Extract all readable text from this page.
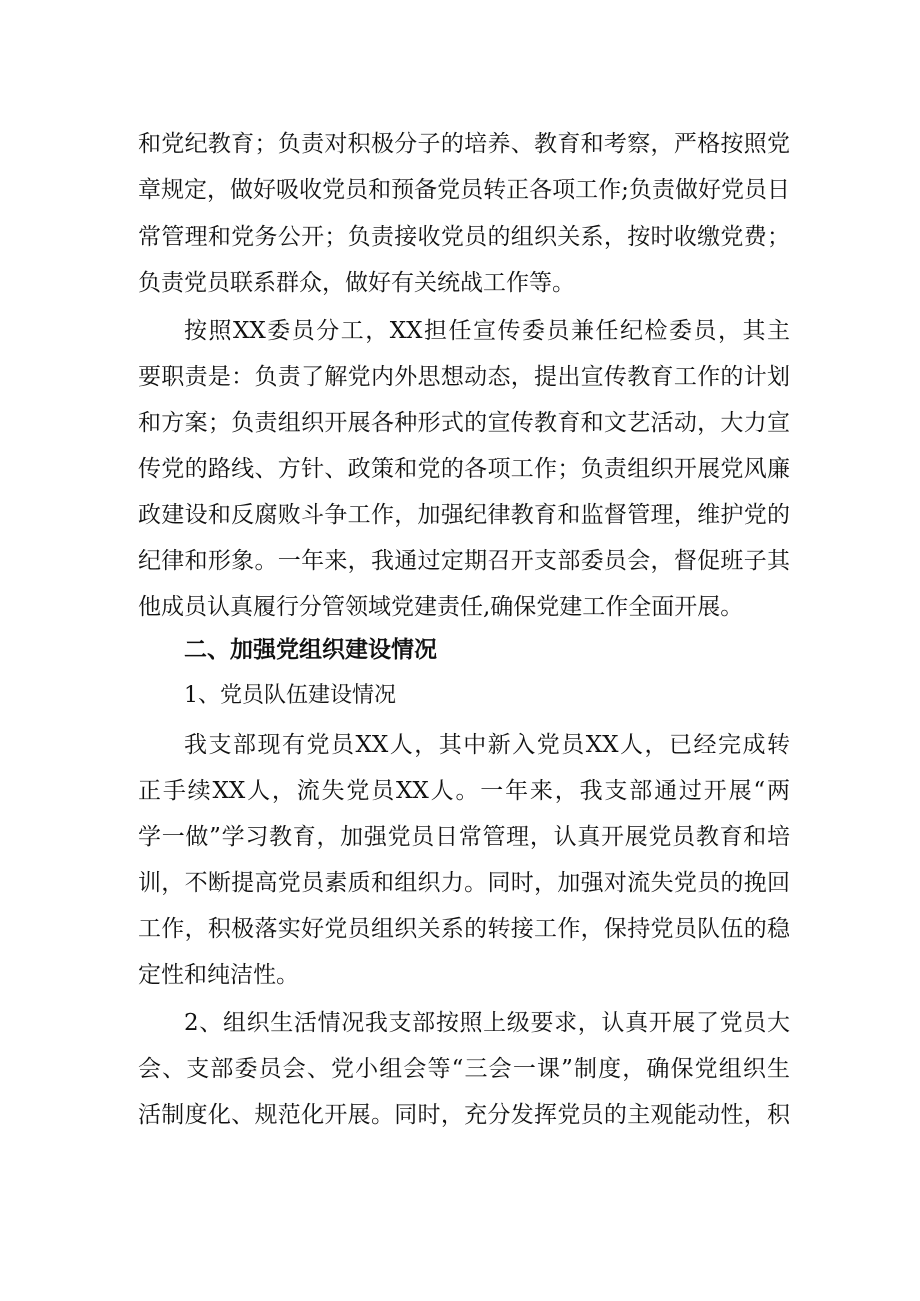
和党纪教育；负责对积极分子的培养、教育和考察，严格按照党
章规定，做好吸收党员和预备党员转正各项工作;负责做好党员日
常管理和党务公开；负责接收党员的组织关系，按时收缴党费；
负责党员联系群众，做好有关统战工作等。
按照XX委员分工，XX担任宣传委员兼任纪检委员，其主
要职责是：负责了解党内外思想动态，提出宣传教育工作的计划
和方案；负责组织开展各种形式的宣传教育和文艺活动，大力宣
传党的路线、方针、政策和党的各项工作；负责组织开展党风廉
政建设和反腐败斗争工作，加强纪律教育和监督管理，维护党的
纪律和形象。一年来，我通过定期召开支部委员会，督促班子其
他成员认真履行分管领域党建责任,确保党建工作全面开展。
二、加强党组织建设情况
1、党员队伍建设情况
我支部现有党员XX人，其中新入党员XX人，已经完成转
正手续XX人，流失党员XX人。一年来，我支部通过开展“两
学一做”学习教育，加强党员日常管理，认真开展党员教育和培
训，不断提高党员素质和组织力。同时，加强对流失党员的挽回
工作，积极落实好党员组织关系的转接工作，保持党员队伍的稳
定性和纯洁性。
2、组织生活情况我支部按照上级要求，认真开展了党员大
会、支部委员会、党小组会等“三会一课”制度，确保党组织生
活制度化、规范化开展。同时，充分发挥党员的主观能动性，积
